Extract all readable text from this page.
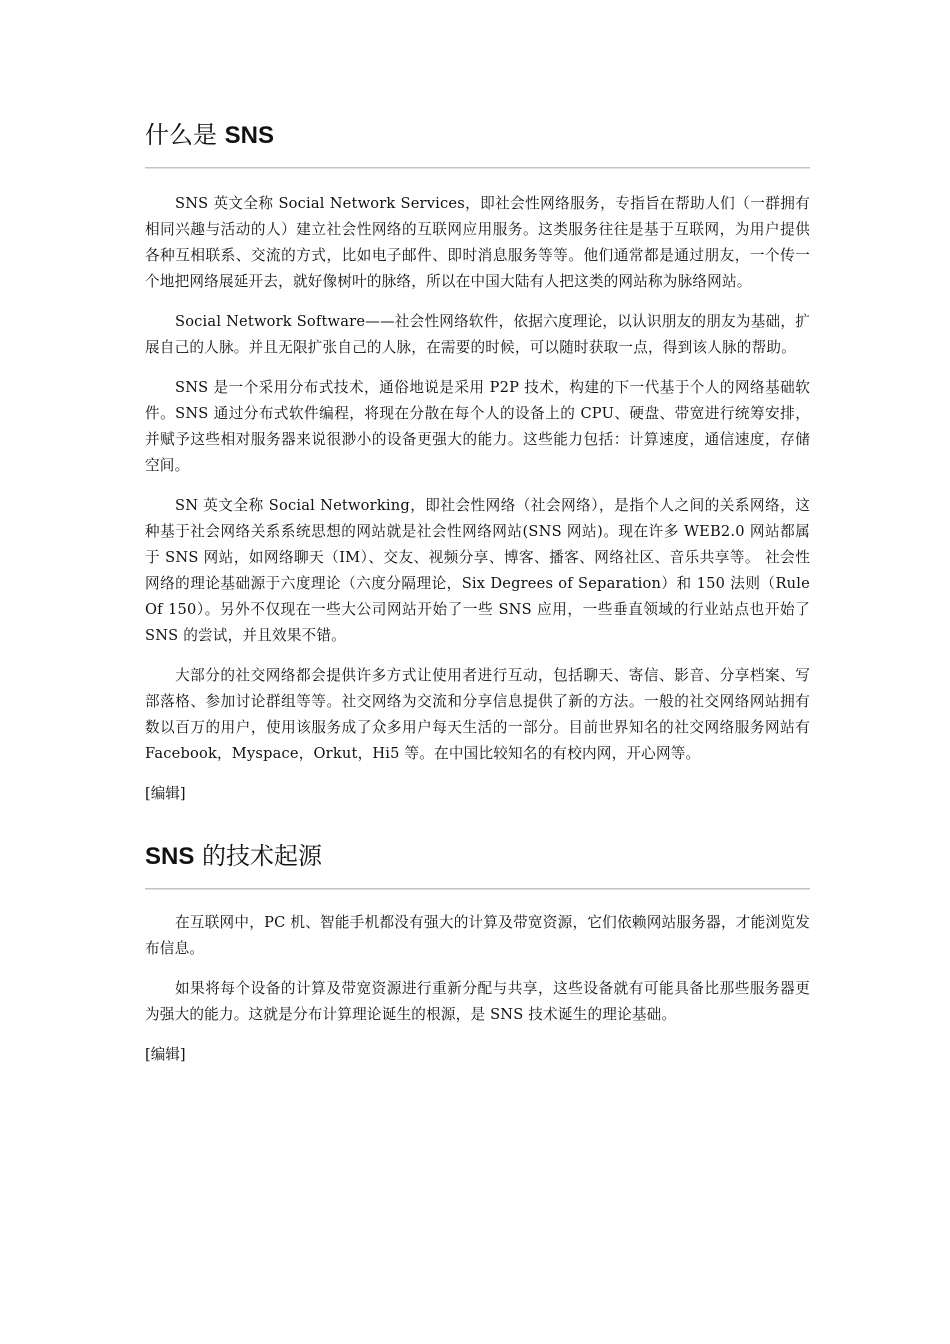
什么是 SNS

SNS 英文全称 Social Network Services，即社会性网络服务，专指旨在帮助人们（一群拥有相同兴趣与活动的人）建立社会性网络的互联网应用服务。这类服务往往是基于互联网，为用户提供各种互相联系、交流的方式，比如电子邮件、即时消息服务等等。他们通常都是通过朋友，一个传一个地把网络展延开去，就好像树叶的脉络，所以在中国大陆有人把这类的网站称为脉络网站。

Social Network Software——社会性网络软件，依据六度理论，以认识朋友的朋友为基础，扩展自己的人脉。并且无限扩张自己的人脉，在需要的时候，可以随时获取一点，得到该人脉的帮助。

SNS 是一个采用分布式技术，通俗地说是采用 P2P 技术，构建的下一代基于个人的网络基础软件。SNS 通过分布式软件编程，将现在分散在每个人的设备上的 CPU、硬盘、带宽进行统筹安排，并赋予这些相对服务器来说很渺小的设备更强大的能力。这些能力包括：计算速度，通信速度，存储空间。

SN 英文全称 Social Networking，即社会性网络（社会网络），是指个人之间的关系网络，这种基于社会网络关系系统思想的网站就是社会性网络网站(SNS 网站)。现在许多 WEB2.0 网站都属于 SNS 网站，如网络聊天（IM）、交友、视频分享、博客、播客、网络社区、音乐共享等。 社会性网络的理论基础源于六度理论（六度分隔理论，Six Degrees of Separation）和 150 法则（Rule Of 150）。另外不仅现在一些大公司网站开始了一些 SNS 应用，一些垂直领域的行业站点也开始了 SNS 的尝试，并且效果不错。

大部分的社交网络都会提供许多方式让使用者进行互动，包括聊天、寄信、影音、分享档案、写部落格、参加讨论群组等等。社交网络为交流和分享信息提供了新的方法。一般的社交网络网站拥有数以百万的用户，使用该服务成了众多用户每天生活的一部分。目前世界知名的社交网络服务网站有 Facebook，Myspace，Orkut，Hi5 等。在中国比较知名的有校内网，开心网等。

[编辑]
SNS 的技术起源

在互联网中，PC 机、智能手机都没有强大的计算及带宽资源，它们依赖网站服务器，才能浏览发布信息。

如果将每个设备的计算及带宽资源进行重新分配与共享，这些设备就有可能具备比那些服务器更为强大的能力。这就是分布计算理论诞生的根源，是 SNS 技术诞生的理论基础。

[编辑]
